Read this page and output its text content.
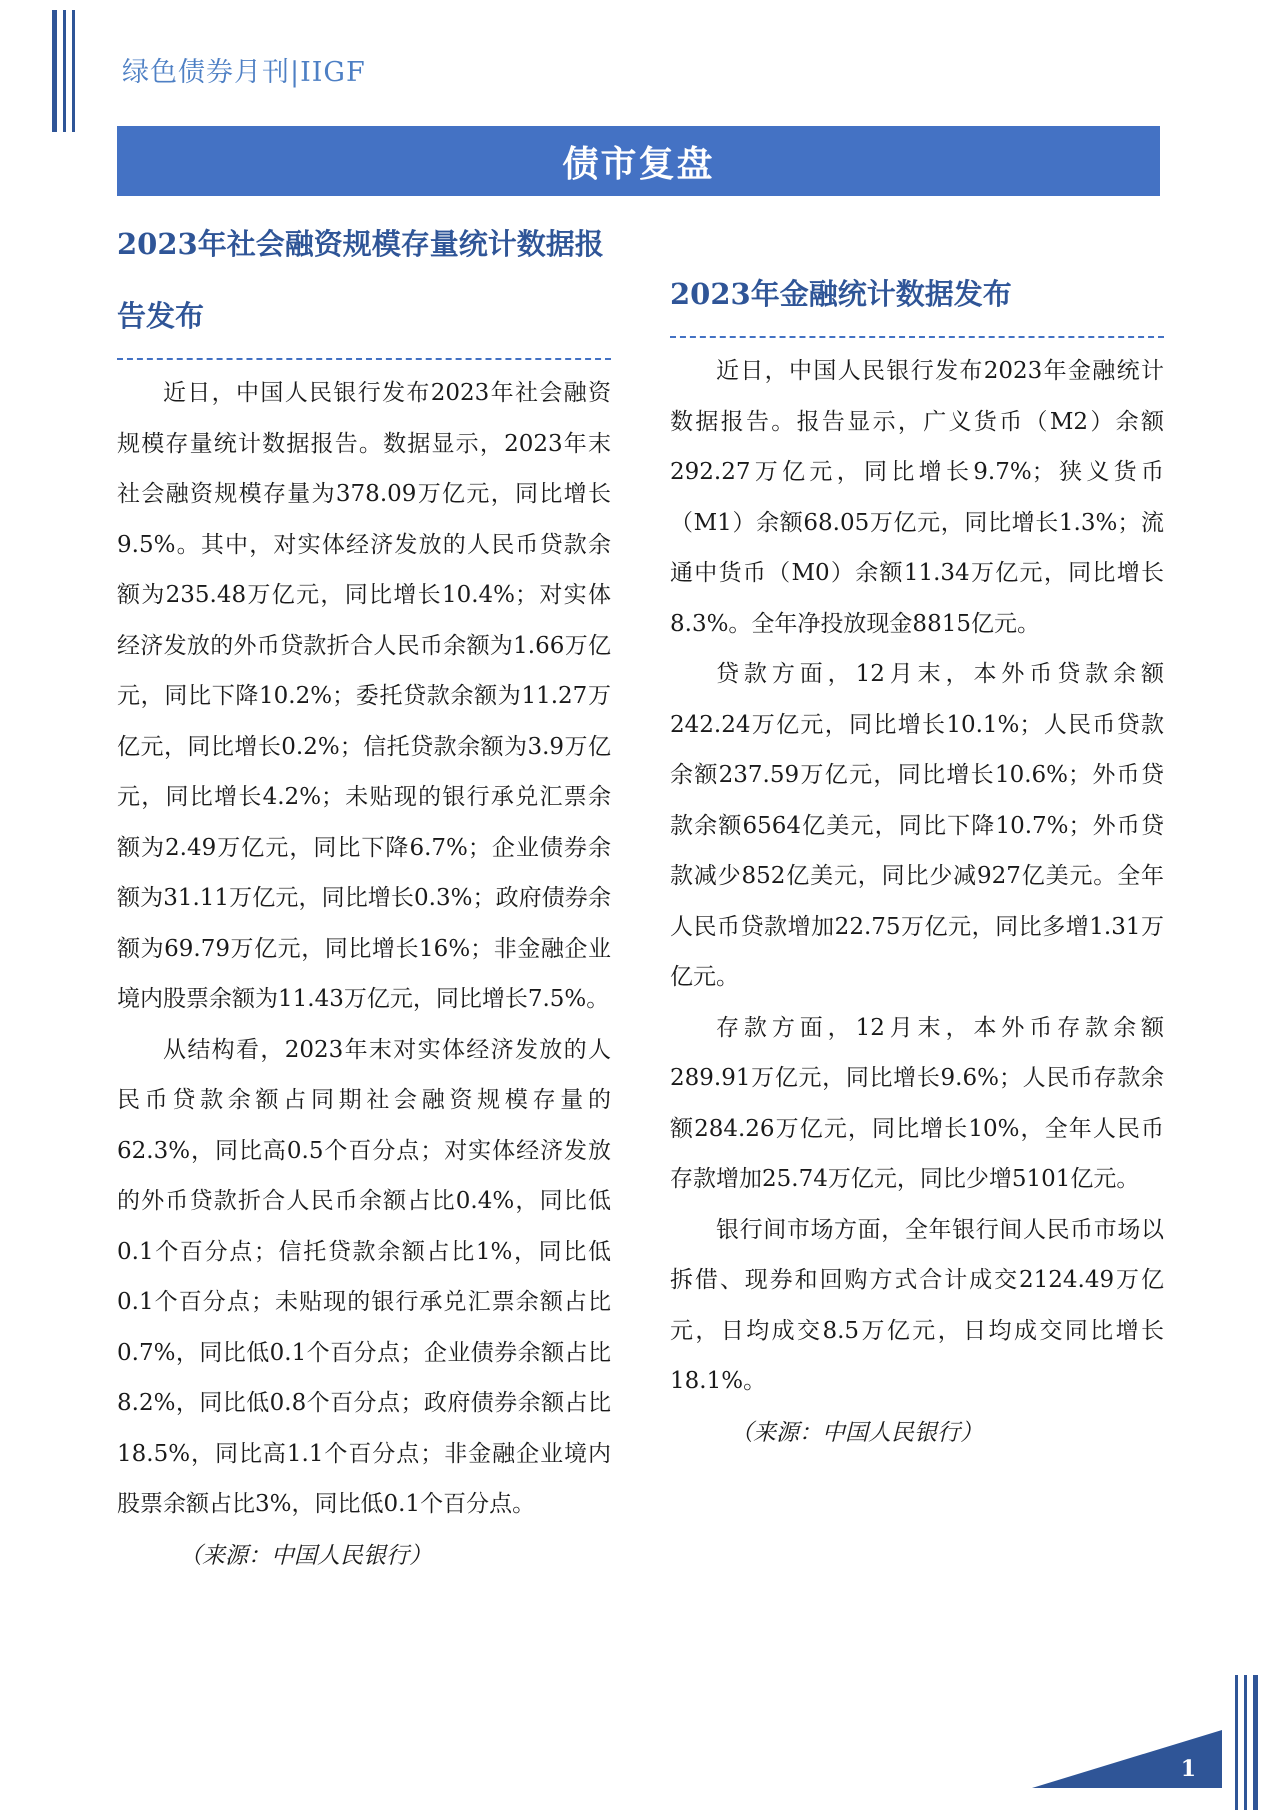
绿色债券月刊|IIGF
债市复盘
2023年社会融资规模存量统计数据报告发布

近日，中国人民银行发布2023年社会融资规模存量统计数据报告。数据显示，2023年末社会融资规模存量为378.09万亿元，同比增长9.5%。其中，对实体经济发放的人民币贷款余额为235.48万亿元，同比增长10.4%；对实体经济发放的外币贷款折合人民币余额为1.66万亿元，同比下降10.2%；委托贷款余额为11.27万亿元，同比增长0.2%；信托贷款余额为3.9万亿元，同比增长4.2%；未贴现的银行承兑汇票余额为2.49万亿元，同比下降6.7%；企业债券余额为31.11万亿元，同比增长0.3%；政府债券余额为69.79万亿元，同比增长16%；非金融企业境内股票余额为11.43万亿元，同比增长7.5%。

从结构看，2023年末对实体经济发放的人民币贷款余额占同期社会融资规模存量的62.3%，同比高0.5个百分点；对实体经济发放的外币贷款折合人民币余额占比0.4%，同比低0.1个百分点；信托贷款余额占比1%，同比低0.1个百分点；未贴现的银行承兑汇票余额占比0.7%，同比低0.1个百分点；企业债券余额占比8.2%，同比低0.8个百分点；政府债券余额占比18.5%，同比高1.1个百分点；非金融企业境内股票余额占比3%，同比低0.1个百分点。

（来源：中国人民银行）

2023年金融统计数据发布

近日，中国人民银行发布2023年金融统计数据报告。报告显示，广义货币（M2）余额292.27万亿元，同比增长9.7%；狭义货币（M1）余额68.05万亿元，同比增长1.3%；流通中货币（M0）余额11.34万亿元，同比增长8.3%。全年净投放现金8815亿元。

贷款方面，12月末，本外币贷款余额242.24万亿元，同比增长10.1%；人民币贷款余额237.59万亿元，同比增长10.6%；外币贷款余额6564亿美元，同比下降10.7%；外币贷款减少852亿美元，同比少减927亿美元。全年人民币贷款增加22.75万亿元，同比多增1.31万亿元。

存款方面，12月末，本外币存款余额289.91万亿元，同比增长9.6%；人民币存款余额284.26万亿元，同比增长10%，全年人民币存款增加25.74万亿元，同比少增5101亿元。

银行间市场方面，全年银行间人民币市场以拆借、现券和回购方式合计成交2124.49万亿元，日均成交8.5万亿元，日均成交同比增长18.1%。

（来源：中国人民银行）

1
